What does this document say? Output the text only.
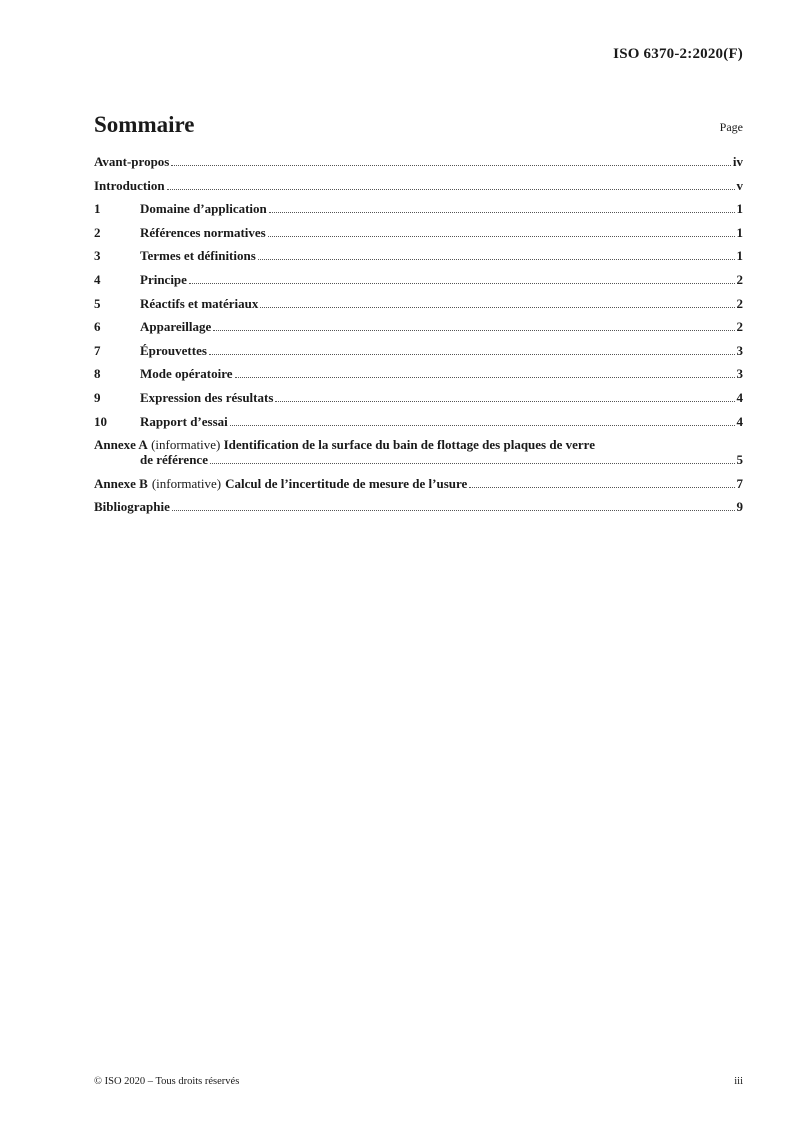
ISO 6370-2:2020(F)
Sommaire	Page
Avant-propos	iv
Introduction	v
1	Domaine d’application	1
2	Références normatives	1
3	Termes et définitions	1
4	Principe	2
5	Réactifs et matériaux	2
6	Appareillage	2
7	Éprouvettes	3
8	Mode opératoire	3
9	Expression des résultats	4
10	Rapport d’essai	4
Annexe A (informative) Identification de la surface du bain de flottage des plaques de verre
de référence	5
Annexe B (informative) Calcul de l’incertitude de mesure de l’usure	7
Bibliographie	9
© ISO 2020 – Tous droits réservés	iii
